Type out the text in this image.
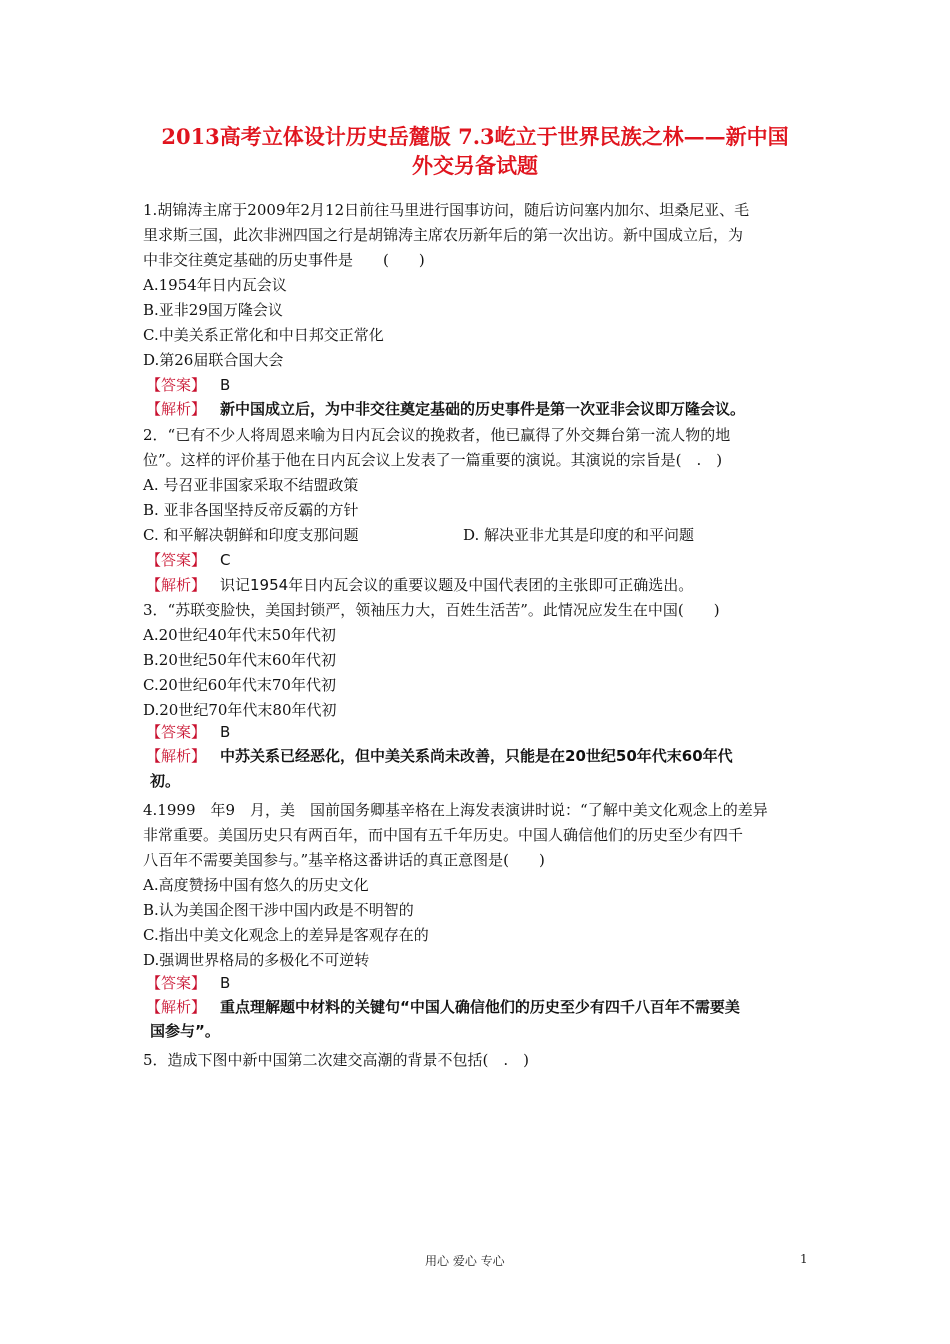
2013高考立体设计历史岳麓版 7.3屹立于世界民族之林——新中国
外交另备试题
1.胡锦涛主席于2009年2月12日前往马里进行国事访问，随后访问塞内加尔、坦桑尼亚、毛
里求斯三国，此次非洲四国之行是胡锦涛主席农历新年后的第一次出访。新中国成立后，为
中非交往奠定基础的历史事件是　　(　　)
A.1954年日内瓦会议
B.亚非29国万隆会议
C.中美关系正常化和中日邦交正常化
D.第26届联合国大会
【答案】 B
【解析】 新中国成立后，为中非交往奠定基础的历史事件是第一次亚非会议即万隆会议。
2．“已有不少人将周恩来喻为日内瓦会议的挽救者，他已赢得了外交舞台第一流人物的地
位”。这样的评价基于他在日内瓦会议上发表了一篇重要的演说。其演说的宗旨是(　.　)
A. 号召亚非国家采取不结盟政策
B. 亚非各国坚持反帝反霸的方针
C. 和平解决朝鲜和印度支那问题	D. 解决亚非尤其是印度的和平问题
【答案】 C
【解析】 识记1954年日内瓦会议的重要议题及中国代表团的主张即可正确选出。
3．“苏联变脸快，美国封锁严，领袖压力大，百姓生活苦”。此情况应发生在中国(　　)
A.20世纪40年代末50年代初
B.20世纪50年代末60年代初
C.20世纪60年代末70年代初
D.20世纪70年代末80年代初
【答案】 B
【解析】 中苏关系已经恶化，但中美关系尚未改善，只能是在20世纪50年代末60年代
初。
4.1999　年9　月，美　国前国务卿基辛格在上海发表演讲时说：“了解中美文化观念上的差异
非常重要。美国历史只有两百年，而中国有五千年历史。中国人确信他们的历史至少有四千
八百年不需要美国参与。”基辛格这番讲话的真正意图是(　　)
A.高度赞扬中国有悠久的历史文化
B.认为美国企图干涉中国内政是不明智的
C.指出中美文化观念上的差异是客观存在的
D.强调世界格局的多极化不可逆转
【答案】 B
【解析】 重点理解题中材料的关键句“中国人确信他们的历史至少有四千八百年不需要美
国参与”。
5．造成下图中新中国第二次建交高潮的背景不包括(　.　)
用心 爱心 专心	1
